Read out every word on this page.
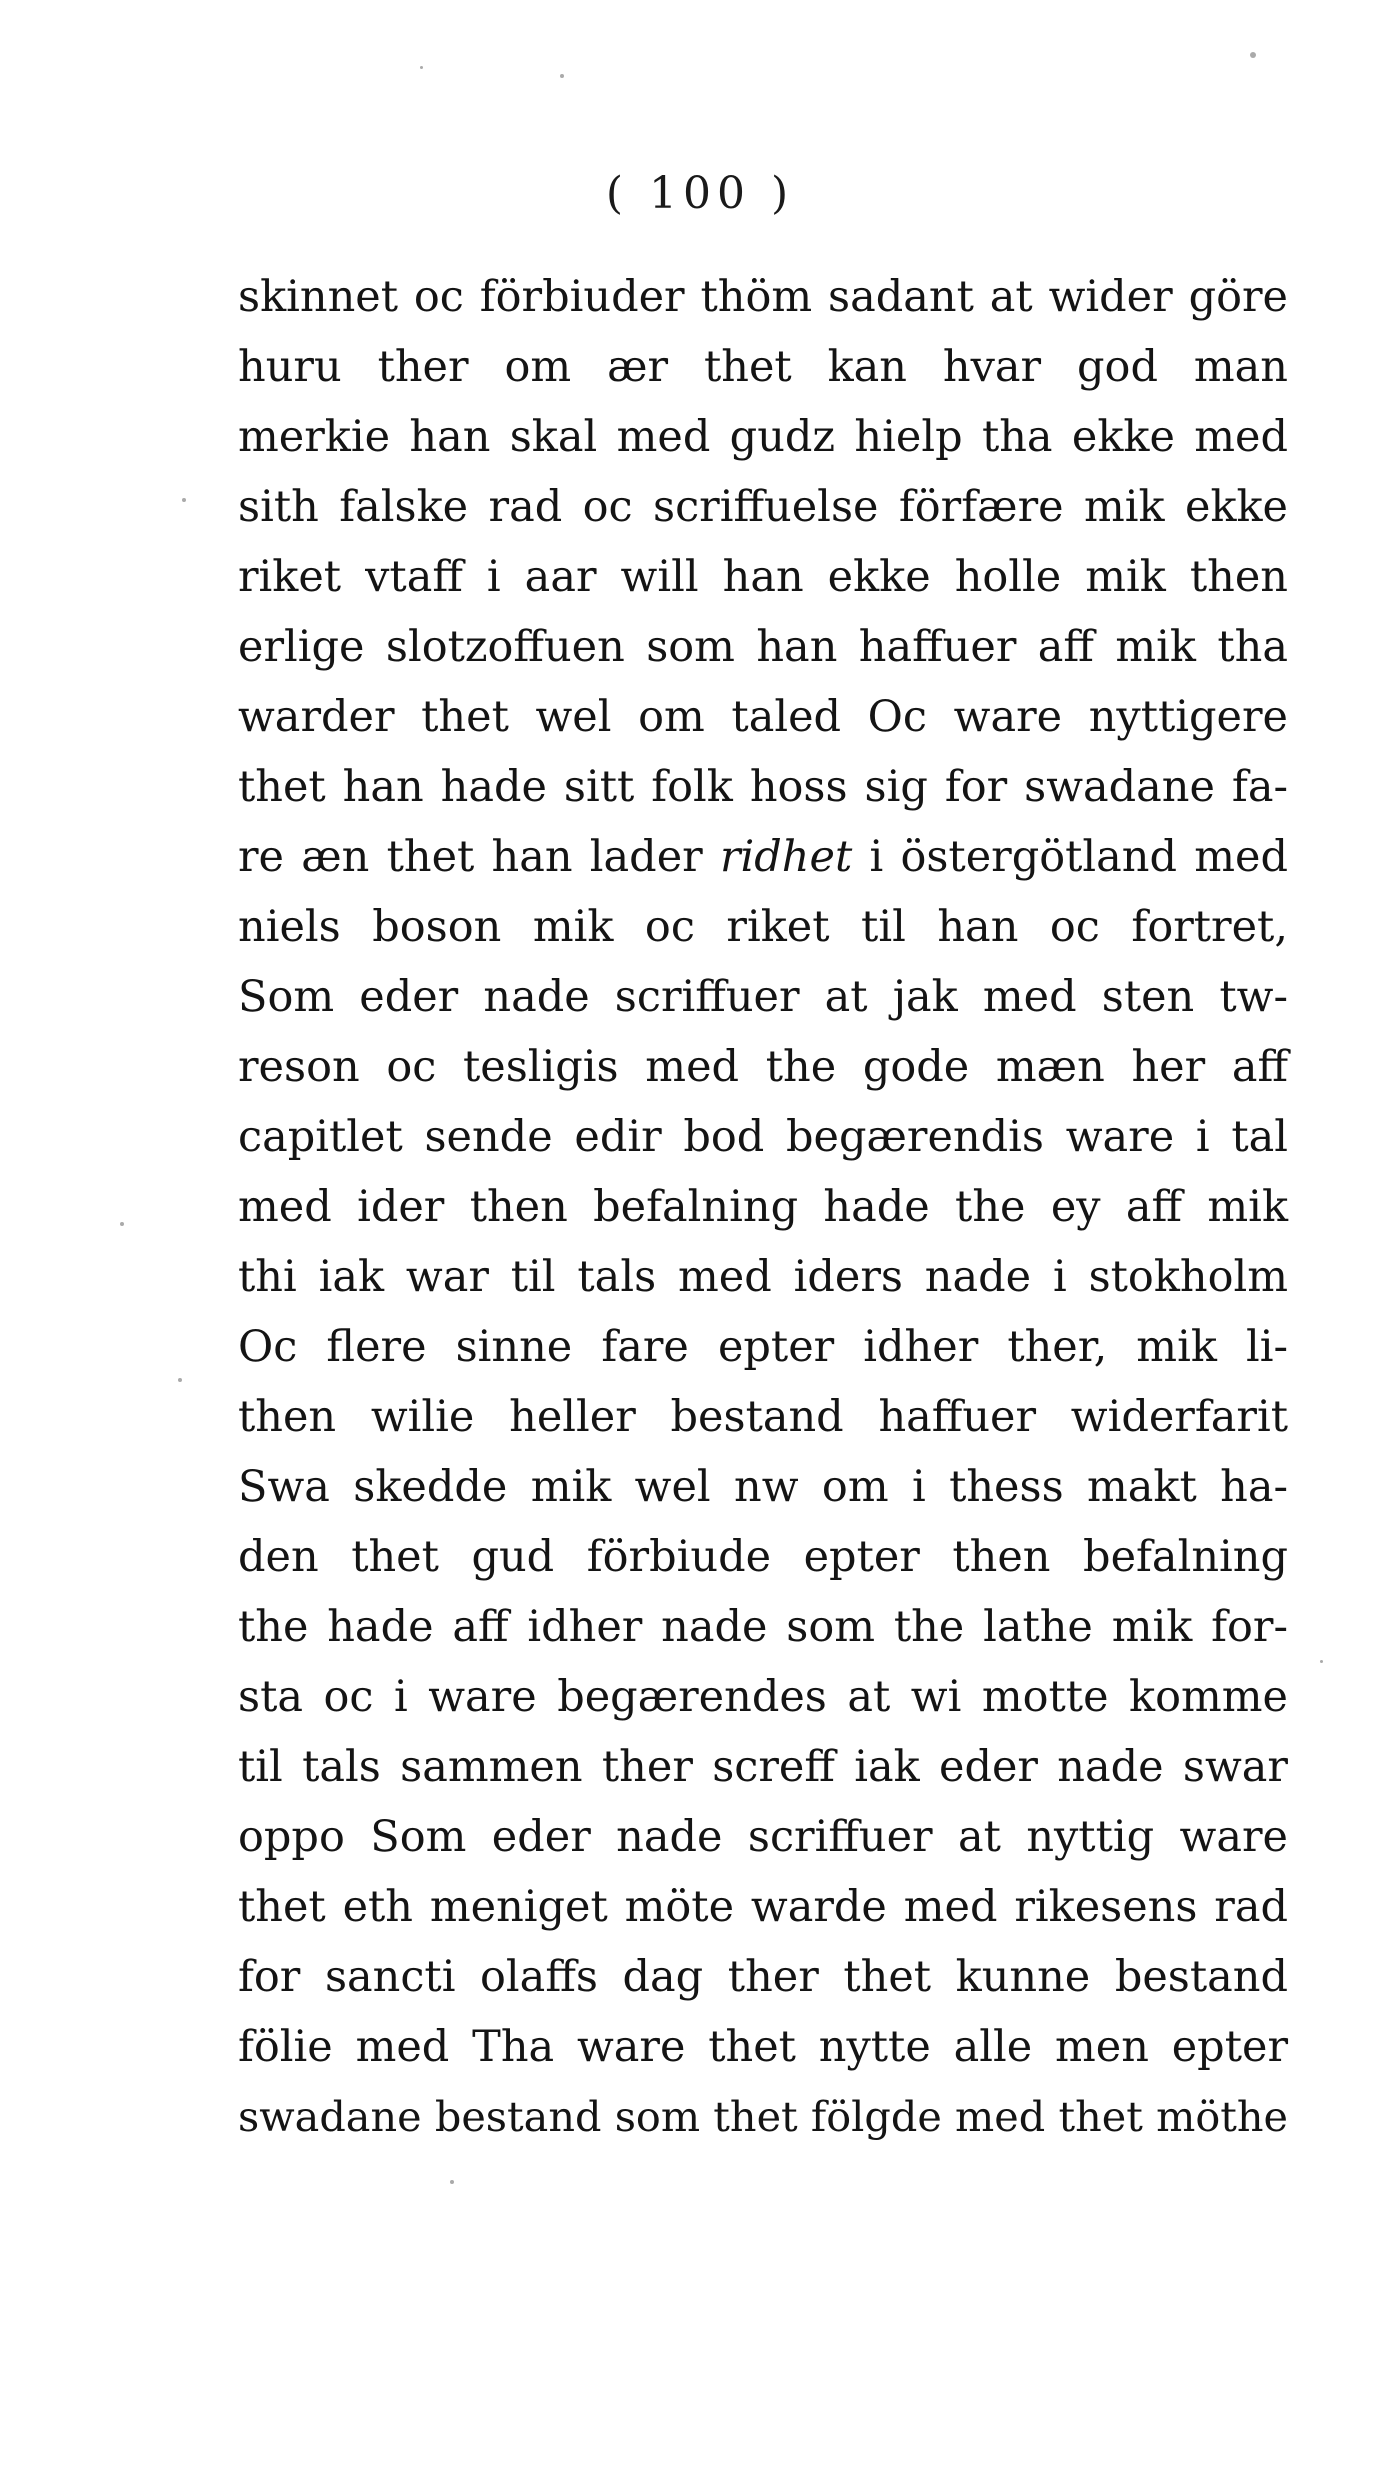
( 100 )
skinnet oc förbiuder thöm sadant at wider göre
huru ther om ær thet kan hvar god man
merkie han skal med gudz hielp tha ekke med
sith falske rad oc scriffuelse förfære mik ekke
riket vtaff i aar will han ekke holle mik then
erlige slotzoffuen som han haffuer aff mik tha
warder thet wel om taled Oc ware nyttigere
thet han hade sitt folk hoss sig for swadane fa-
re æn thet han lader ridhet i östergötland med
niels boson mik oc riket til han oc fortret,
Som eder nade scriffuer at jak med sten tw-
reson oc tesligis med the gode mæn her aff
capitlet sende edir bod begærendis ware i tal
med ider then befalning hade the ey aff mik
thi iak war til tals med iders nade i stokholm
Oc flere sinne fare epter idher ther, mik li-
then wilie heller bestand haffuer widerfarit
Swa skedde mik wel nw om i thess makt ha-
den thet gud förbiude epter then befalning
the hade aff idher nade som the lathe mik for-
sta oc i ware begærendes at wi motte komme
til tals sammen ther screff iak eder nade swar
oppo Som eder nade scriffuer at nyttig ware
thet eth meniget möte warde med rikesens rad
for sancti olaffs dag ther thet kunne bestand
fölie med Tha ware thet nytte alle men epter
swadane bestand som thet fölgde med thet möthe
